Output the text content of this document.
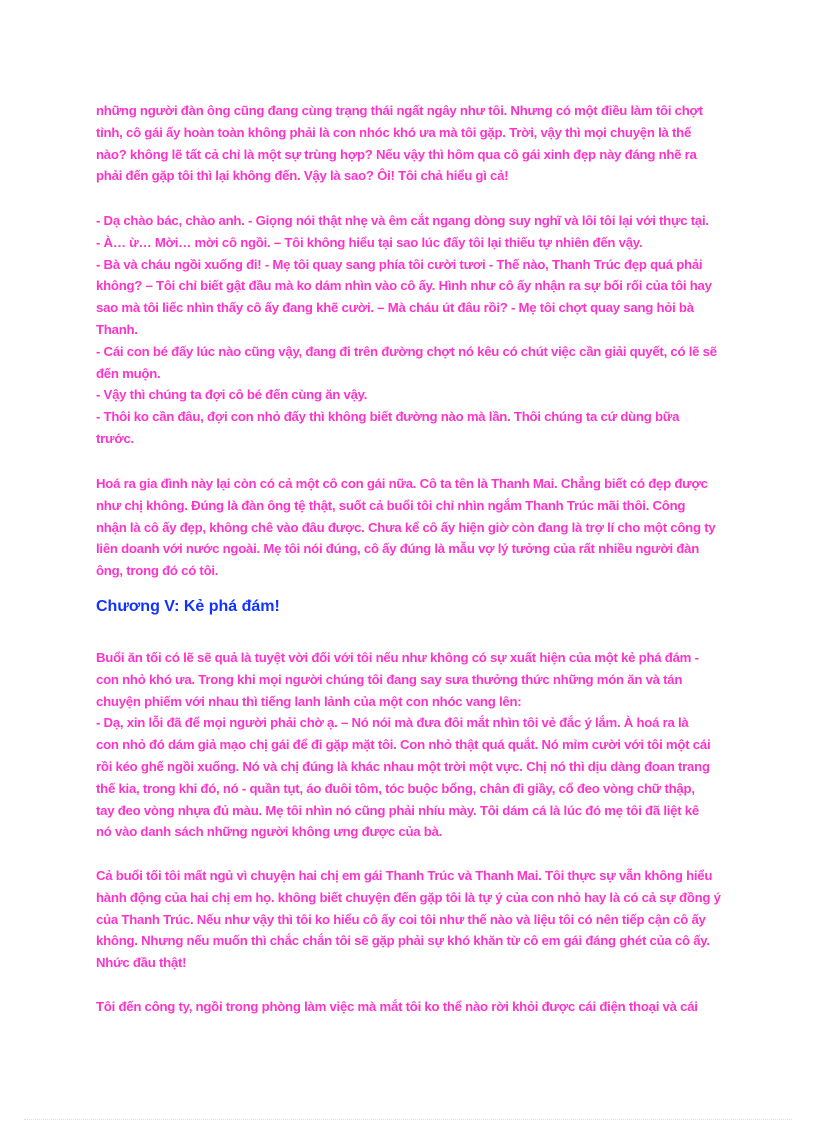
những người đàn ông cũng đang cùng trạng thái ngất ngây như tôi. Nhưng có một điều làm tôi chợt
tỉnh, cô gái ấy hoàn toàn không phải là con nhóc khó ưa mà tôi gặp. Trời, vậy thì mọi chuyện là thế
nào? không lẽ tất cả chỉ là một sự trùng hợp? Nếu vậy thì hôm qua cô gái xinh đẹp này đáng nhẽ ra
phải đến gặp tôi thì lại không đến. Vậy là sao? Ôi! Tôi chả hiểu gì cả!
- Dạ chào bác, chào anh. - Giọng nói thật nhẹ và êm cắt ngang dòng suy nghĩ và lôi tôi lại với thực tại.
- À… ừ… Mời… mời cô ngồi. – Tôi không hiểu tại sao lúc đấy tôi lại thiếu tự nhiên đến vậy.
- Bà và cháu ngồi xuống đi! - Mẹ tôi quay sang phía tôi cười tươi - Thế nào, Thanh Trúc đẹp quá phải
không? – Tôi chỉ biết gật đầu mà ko dám nhìn vào cô ấy. Hình như cô ấy nhận ra sự bối rối của tôi hay
sao mà tôi liếc nhìn thấy cô ấy đang khẽ cười. – Mà cháu út đâu rồi? - Mẹ tôi chợt quay sang hỏi bà
Thanh.
- Cái con bé đấy lúc nào cũng vậy, đang đi trên đường chợt nó kêu có chút việc cần giải quyết, có lẽ sẽ
đến muộn.
- Vậy thì chúng ta đợi cô bé đến cùng ăn vậy.
- Thôi ko cần đâu, đợi con nhỏ đấy thì không biết đường nào mà lần. Thôi chúng ta cứ dùng bữa
trước.
Hoá ra gia đình này lại còn có cả một cô con gái nữa. Cô ta tên là Thanh Mai. Chẳng biết có đẹp được
như chị không. Đúng là đàn ông tệ thật, suốt cả buổi tôi chỉ nhìn ngắm Thanh Trúc mãi thôi. Công
nhận là cô ấy đẹp, không chê vào đâu được. Chưa kể cô ấy hiện giờ còn đang là trợ lí cho một công ty
liên doanh với nước ngoài. Mẹ tôi nói đúng, cô ấy đúng là mẫu vợ lý tưởng của rất nhiều người đàn
ông, trong đó có tôi.
Chương V: Kẻ phá đám!
Buổi ăn tối có lẽ sẽ quả là tuyệt vời đối với tôi nếu như không có sự xuất hiện của một kẻ phá đám -
con nhỏ khó ưa. Trong khi mọi người chúng tôi đang say sưa thưởng thức những món ăn và tán
chuyện phiếm với nhau thì tiếng lanh lảnh của một con nhóc vang lên:
- Dạ, xin lỗi đã để mọi người phải chờ ạ. – Nó nói mà đưa đôi mắt nhìn tôi vẻ đắc ý lắm. À hoá ra là
con nhỏ đó dám giả mạo chị gái để đi gặp mặt tôi. Con nhỏ thật quá quắt. Nó mỉm cười với tôi một cái
rồi kéo ghế ngồi xuống. Nó và chị đúng là khác nhau một trời một vực. Chị nó thì dịu dàng đoan trang
thế kia, trong khi đó, nó - quần tụt, áo đuôi tôm, tóc buộc bổng, chân đi giầy, cổ đeo vòng chữ thập,
tay đeo vòng nhựa đủ màu. Mẹ tôi nhìn nó cũng phải nhíu mày. Tôi dám cá là lúc đó mẹ tôi đã liệt kê
nó vào danh sách những người không ưng được của bà.
Cả buổi tối tôi mất ngủ vì chuyện hai chị em gái Thanh Trúc và Thanh Mai. Tôi thực sự vẫn không hiểu
hành động của hai chị em họ. không biết chuyện đến gặp tôi là tự ý của con nhỏ hay là có cả sự đồng ý
của Thanh Trúc. Nếu như vậy thì tôi ko hiểu cô ấy coi tôi như thế nào và liệu tôi có nên tiếp cận cô ấy
không. Nhưng nếu muốn thì chắc chắn tôi sẽ gặp phải sự khó khăn từ cô em gái đáng ghét của cô ấy.
Nhức đầu thật!
Tôi đến công ty, ngồi trong phòng làm việc mà mắt tôi ko thể nào rời khỏi được cái điện thoại và cái
